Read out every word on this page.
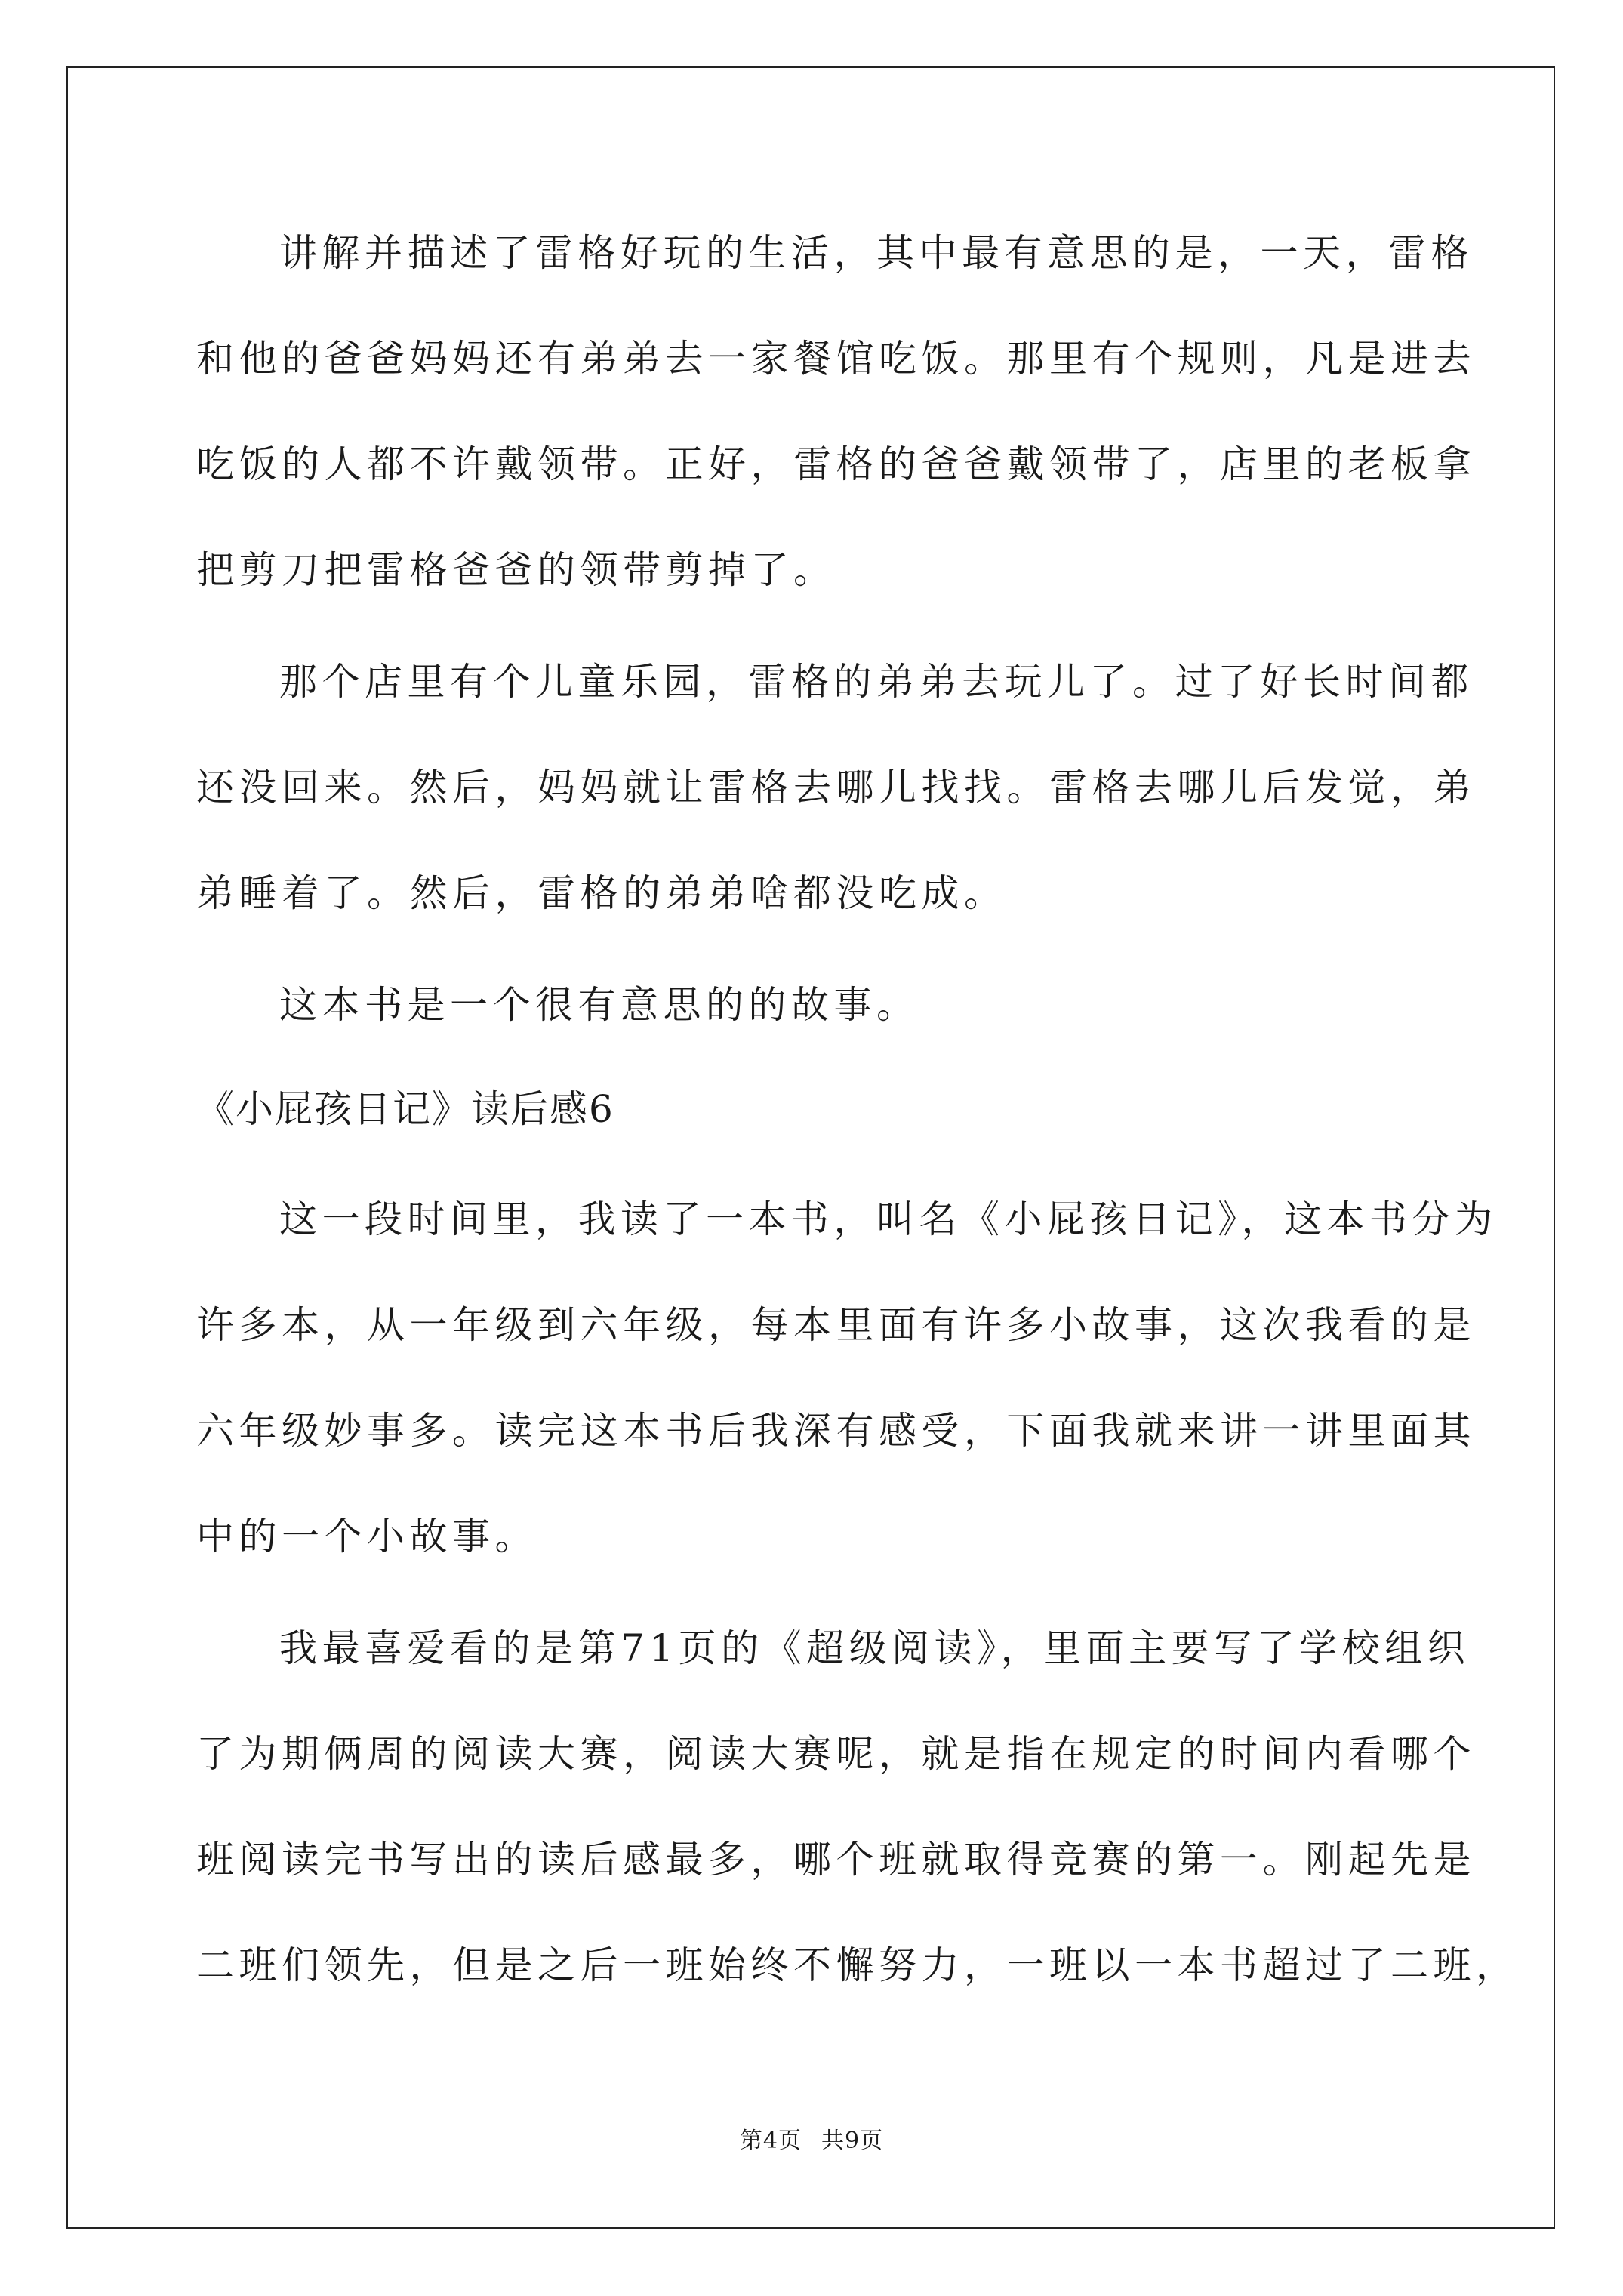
讲解并描述了雷格好玩的生活，其中最有意思的是，一天，雷格
和他的爸爸妈妈还有弟弟去一家餐馆吃饭。那里有个规则，凡是进去
吃饭的人都不许戴领带。正好，雷格的爸爸戴领带了，店里的老板拿
把剪刀把雷格爸爸的领带剪掉了。
那个店里有个儿童乐园，雷格的弟弟去玩儿了。过了好长时间都
还没回来。然后，妈妈就让雷格去哪儿找找。雷格去哪儿后发觉，弟
弟睡着了。然后，雷格的弟弟啥都没吃成。
这本书是一个很有意思的的故事。
《小屁孩日记》读后感6
这一段时间里，我读了一本书，叫名《小屁孩日记》，这本书分为
许多本，从一年级到六年级，每本里面有许多小故事，这次我看的是
六年级妙事多。读完这本书后我深有感受，下面我就来讲一讲里面其
中的一个小故事。
我最喜爱看的是第71页的《超级阅读》，里面主要写了学校组织
了为期俩周的阅读大赛，阅读大赛呢，就是指在规定的时间内看哪个
班阅读完书写出的读后感最多，哪个班就取得竞赛的第一。刚起先是
二班们领先，但是之后一班始终不懈努力，一班以一本书超过了二班，
第4页 共9页
